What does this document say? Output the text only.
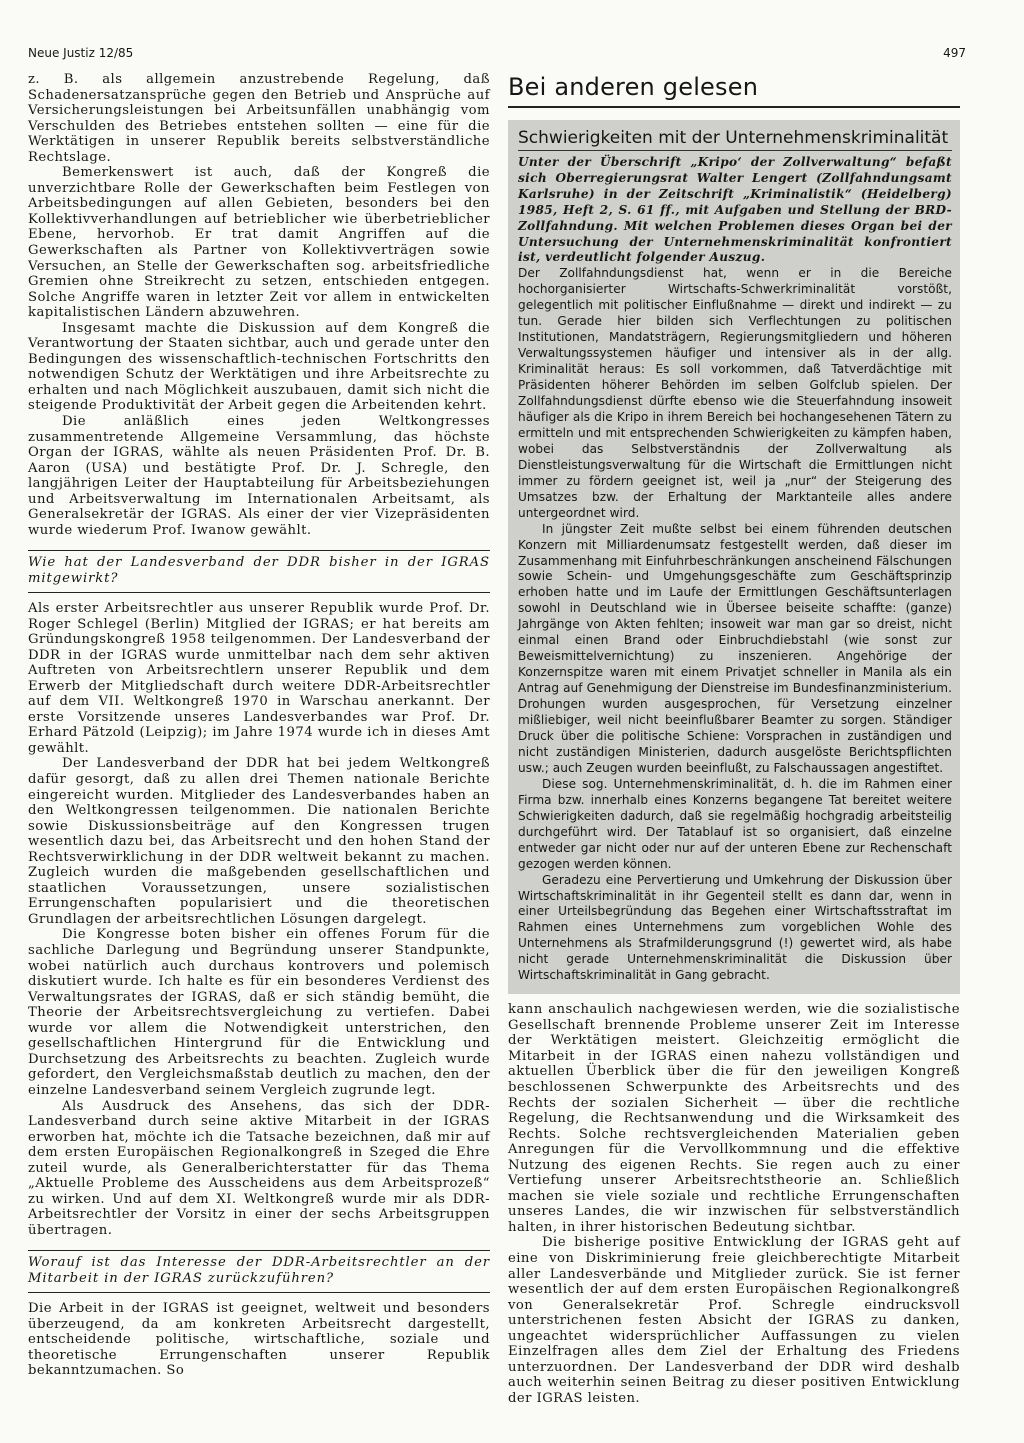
Neue Justiz 12/85	497

z. B. als allgemein anzustrebende Regelung, daß Schadenersatzansprüche gegen den Betrieb und Ansprüche auf Versicherungsleistungen bei Arbeitsunfällen unabhängig vom Verschulden des Betriebes entstehen sollten — eine für die Werktätigen in unserer Republik bereits selbstverständliche Rechtslage.

Bemerkenswert ist auch, daß der Kongreß die unverzichtbare Rolle der Gewerkschaften beim Festlegen von Arbeitsbedingungen auf allen Gebieten, besonders bei den Kollektivverhandlungen auf betrieblicher wie überbetrieblicher Ebene, hervorhob. Er trat damit Angriffen auf die Gewerkschaften als Partner von Kollektivverträgen sowie Versuchen, an Stelle der Gewerkschaften sog. arbeitsfriedliche Gremien ohne Streikrecht zu setzen, entschieden entgegen. Solche Angriffe waren in letzter Zeit vor allem in entwickelten kapitalistischen Ländern abzuwehren.

Insgesamt machte die Diskussion auf dem Kongreß die Verantwortung der Staaten sichtbar, auch und gerade unter den Bedingungen des wissenschaftlich-technischen Fortschritts den notwendigen Schutz der Werktätigen und ihre Arbeitsrechte zu erhalten und nach Möglichkeit auszubauen, damit sich nicht die steigende Produktivität der Arbeit gegen die Arbeitenden kehrt.

Die anläßlich eines jeden Weltkongresses zusammentretende Allgemeine Versammlung, das höchste Organ der IGRAS, wählte als neuen Präsidenten Prof. Dr. B. Aaron (USA) und bestätigte Prof. Dr. J. Schregle, den langjährigen Leiter der Hauptabteilung für Arbeitsbeziehungen und Arbeitsverwaltung im Internationalen Arbeitsamt, als Generalsekretär der IGRAS. Als einer der vier Vizepräsidenten wurde wiederum Prof. Iwanow gewählt.

Wie hat der Landesverband der DDR bisher in der IGRAS mitgewirkt?

Als erster Arbeitsrechtler aus unserer Republik wurde Prof. Dr. Roger Schlegel (Berlin) Mitglied der IGRAS; er hat bereits am Gründungskongreß 1958 teilgenommen. Der Landesverband der DDR in der IGRAS wurde unmittelbar nach dem sehr aktiven Auftreten von Arbeitsrechtlern unserer Republik und dem Erwerb der Mitgliedschaft durch weitere DDR-Arbeitsrechtler auf dem VII. Weltkongreß 1970 in Warschau anerkannt. Der erste Vorsitzende unseres Landesverbandes war Prof. Dr. Erhard Pätzold (Leipzig); im Jahre 1974 wurde ich in dieses Amt gewählt.

Der Landesverband der DDR hat bei jedem Weltkongreß dafür gesorgt, daß zu allen drei Themen nationale Berichte eingereicht wurden. Mitglieder des Landesverbandes haben an den Weltkongressen teilgenommen. Die nationalen Berichte sowie Diskussionsbeiträge auf den Kongressen trugen wesentlich dazu bei, das Arbeitsrecht und den hohen Stand der Rechtsverwirklichung in der DDR weltweit bekannt zu machen. Zugleich wurden die maßgebenden gesellschaftlichen und staatlichen Voraussetzungen, unsere sozialistischen Errungenschaften popularisiert und die theoretischen Grundlagen der arbeitsrechtlichen Lösungen dargelegt.

Die Kongresse boten bisher ein offenes Forum für die sachliche Darlegung und Begründung unserer Standpunkte, wobei natürlich auch durchaus kontrovers und polemisch diskutiert wurde. Ich halte es für ein besonderes Verdienst des Verwaltungsrates der IGRAS, daß er sich ständig bemüht, die Theorie der Arbeitsrechtsvergleichung zu vertiefen. Dabei wurde vor allem die Notwendigkeit unterstrichen, den gesellschaftlichen Hintergrund für die Entwicklung und Durchsetzung des Arbeitsrechts zu beachten. Zugleich wurde gefordert, den Vergleichsmaßstab deutlich zu machen, den der einzelne Landesverband seinem Vergleich zugrunde legt.

Als Ausdruck des Ansehens, das sich der DDR-Landesverband durch seine aktive Mitarbeit in der IGRAS erworben hat, möchte ich die Tatsache bezeichnen, daß mir auf dem ersten Europäischen Regionalkongreß in Szeged die Ehre zuteil wurde, als Generalberichterstatter für das Thema „Aktuelle Probleme des Ausscheidens aus dem Arbeitsprozeß“ zu wirken. Und auf dem XI. Weltkongreß wurde mir als DDR-Arbeitsrechtler der Vorsitz in einer der sechs Arbeitsgruppen übertragen.

Worauf ist das Interesse der DDR-Arbeitsrechtler an der Mitarbeit in der IGRAS zurückzuführen?

Die Arbeit in der IGRAS ist geeignet, weltweit und besonders überzeugend, da am konkreten Arbeitsrecht dargestellt, entscheidende politische, wirtschaftliche, soziale und theoretische Errungenschaften unserer Republik bekanntzumachen. So

Bei anderen gelesen
Schwierigkeiten mit der Unternehmenskriminalität
Unter der Überschrift „Kripo‘ der Zollverwaltung“ befaßt sich Oberregierungsrat Walter Lengert (Zollfahndungsamt Karlsruhe) in der Zeitschrift „Kriminalistik“ (Heidelberg) 1985, Heft 2, S. 61 ff., mit Aufgaben und Stellung der BRD-Zollfahndung. Mit welchen Problemen dieses Organ bei der Untersuchung der Unternehmenskriminalität konfrontiert ist, verdeutlicht folgender Auszug.

Der Zollfahndungsdienst hat, wenn er in die Bereiche hochorganisierter Wirtschafts-Schwerkriminalität vorstößt, gelegentlich mit politischer Einflußnahme — direkt und indirekt — zu tun. Gerade hier bilden sich Verflechtungen zu politischen Institutionen, Mandatsträgern, Regierungsmitgliedern und höheren Verwaltungssystemen häufiger und intensiver als in der allg. Kriminalität heraus: Es soll vorkommen, daß Tatverdächtige mit Präsidenten höherer Behörden im selben Golfclub spielen. Der Zollfahndungsdienst dürfte ebenso wie die Steuerfahndung insoweit häufiger als die Kripo in ihrem Bereich bei hochangesehenen Tätern zu ermitteln und mit entsprechenden Schwierigkeiten zu kämpfen haben, wobei das Selbstverständnis der Zollverwaltung als Dienstleistungsverwaltung für die Wirtschaft die Ermittlungen nicht immer zu fördern geeignet ist, weil ja „nur“ der Steigerung des Umsatzes bzw. der Erhaltung der Marktanteile alles andere untergeordnet wird.

In jüngster Zeit mußte selbst bei einem führenden deutschen Konzern mit Milliardenumsatz festgestellt werden, daß dieser im Zusammenhang mit Einfuhrbeschränkungen anscheinend Fälschungen sowie Schein- und Umgehungsgeschäfte zum Geschäftsprinzip erhoben hatte und im Laufe der Ermittlungen Geschäftsunterlagen sowohl in Deutschland wie in Übersee beiseite schaffte: (ganze) Jahrgänge von Akten fehlten; insoweit war man gar so dreist, nicht einmal einen Brand oder Einbruchdiebstahl (wie sonst zur Beweismittelvernichtung) zu inszenieren. Angehörige der Konzernspitze waren mit einem Privatjet schneller in Manila als ein Antrag auf Genehmigung der Dienstreise im Bundesfinanzministerium. Drohungen wurden ausgesprochen, für Versetzung einzelner mißliebiger, weil nicht beeinflußbarer Beamter zu sorgen. Ständiger Druck über die politische Schiene: Vorsprachen in zuständigen und nicht zuständigen Ministerien, dadurch ausgelöste Berichtspflichten usw.; auch Zeugen wurden beeinflußt, zu Falschaussagen angestiftet.

Diese sog. Unternehmenskriminalität, d. h. die im Rahmen einer Firma bzw. innerhalb eines Konzerns begangene Tat bereitet weitere Schwierigkeiten dadurch, daß sie regelmäßig hochgradig arbeitsteilig durchgeführt wird. Der Tatablauf ist so organisiert, daß einzelne entweder gar nicht oder nur auf der unteren Ebene zur Rechenschaft gezogen werden können.

Geradezu eine Pervertierung und Umkehrung der Diskussion über Wirtschaftskriminalität in ihr Gegenteil stellt es dann dar, wenn in einer Urteilsbegründung das Begehen einer Wirtschaftsstraftat im Rahmen eines Unternehmens zum vorgeblichen Wohle des Unternehmens als Strafmilderungsgrund (!) gewertet wird, als habe nicht gerade Unternehmenskriminalität die Diskussion über Wirtschaftskriminalität in Gang gebracht.

kann anschaulich nachgewiesen werden, wie die sozialistische Gesellschaft brennende Probleme unserer Zeit im Interesse der Werktätigen meistert. Gleichzeitig ermöglicht die Mitarbeit in der IGRAS einen nahezu vollständigen und aktuellen Überblick über die für den jeweiligen Kongreß beschlossenen Schwerpunkte des Arbeitsrechts und des Rechts der sozialen Sicherheit — über die rechtliche Regelung, die Rechtsanwendung und die Wirksamkeit des Rechts. Solche rechtsvergleichenden Materialien geben Anregungen für die Vervollkommnung und die effektive Nutzung des eigenen Rechts. Sie regen auch zu einer Vertiefung unserer Arbeitsrechtstheorie an. Schließlich machen sie viele soziale und rechtliche Errungenschaften unseres Landes, die wir inzwischen für selbstverständlich halten, in ihrer historischen Bedeutung sichtbar.

Die bisherige positive Entwicklung der IGRAS geht auf eine von Diskriminierung freie gleichberechtigte Mitarbeit aller Landesverbände und Mitglieder zurück. Sie ist ferner wesentlich der auf dem ersten Europäischen Regionalkongreß von Generalsekretär Prof. Schregle eindrucksvoll unterstrichenen festen Absicht der IGRAS zu danken, ungeachtet widersprüchlicher Auffassungen zu vielen Einzelfragen alles dem Ziel der Erhaltung des Friedens unterzuordnen. Der Landesverband der DDR wird deshalb auch weiterhin seinen Beitrag zu dieser positiven Entwicklung der IGRAS leisten.
